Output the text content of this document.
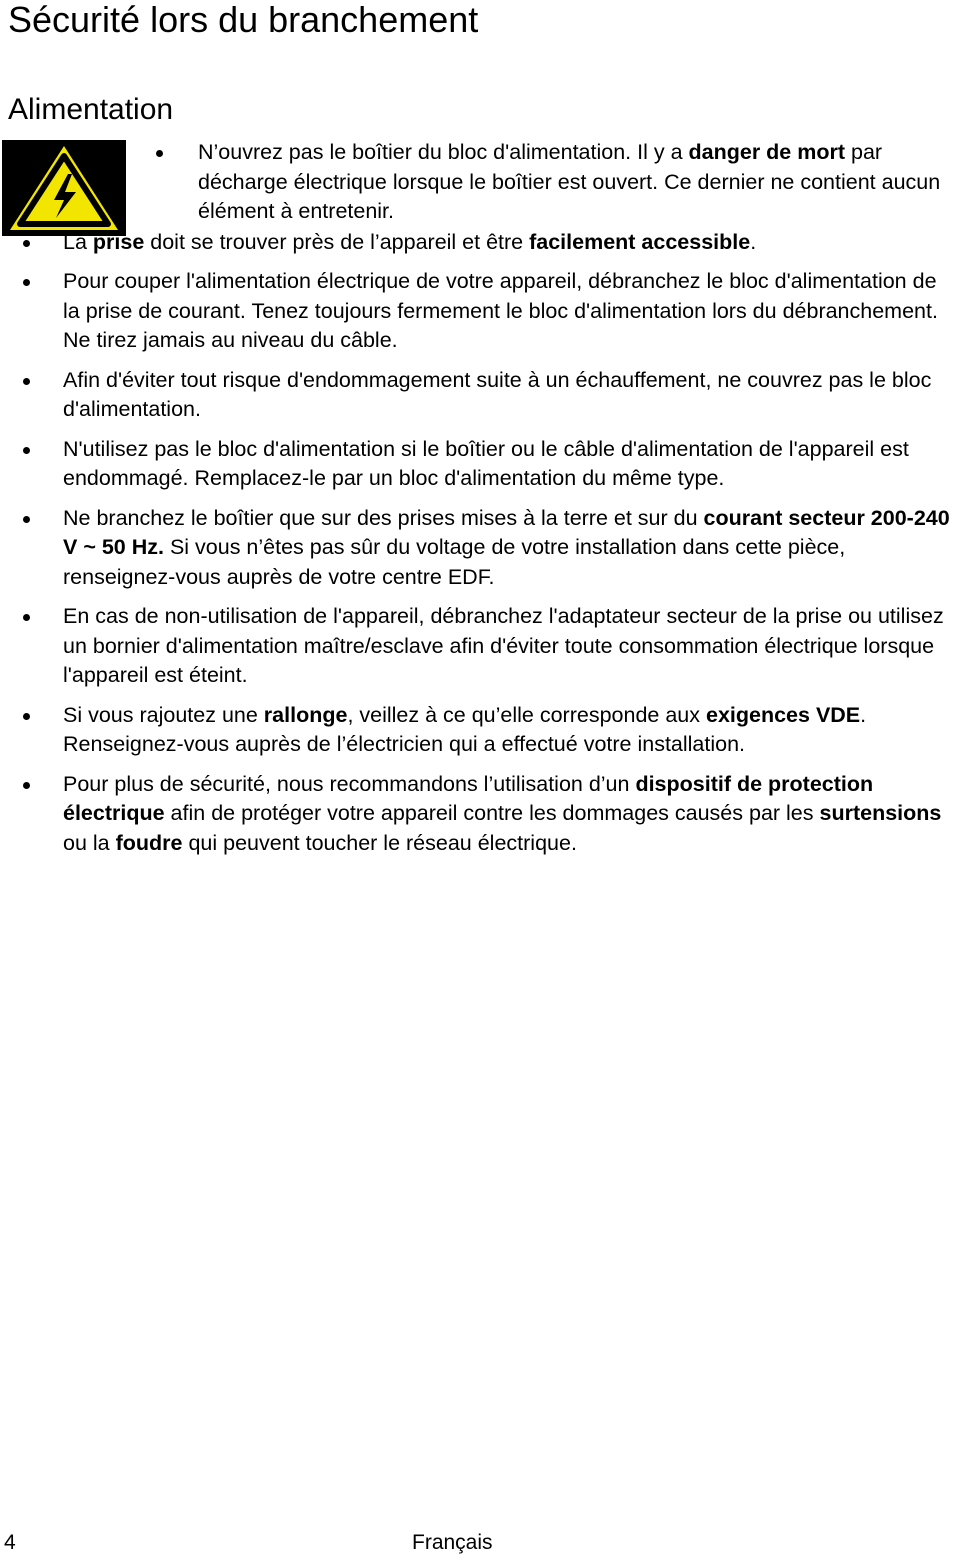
Sécurité lors du branchement
Alimentation
N’ouvrez pas le boîtier du bloc d'alimentation. Il y a danger de mort par décharge électrique lorsque le boîtier est ouvert. Ce dernier ne contient aucun élément à entretenir.
La prise doit se trouver près de l’appareil et être facilement accessible.
Pour couper l'alimentation électrique de votre appareil, débranchez le bloc d'alimentation de la prise de courant. Tenez toujours fermement le bloc d'alimentation lors du débranchement. Ne tirez jamais au niveau du câble.
Afin d'éviter tout risque d'endommagement suite à un échauffement, ne couvrez pas le bloc d'alimentation.
N'utilisez pas le bloc d'alimentation si le boîtier ou le câble d'alimentation de l'appareil est endommagé. Remplacez-le par un bloc d'alimentation du même type.
Ne branchez le boîtier que sur des prises mises à la terre et sur du courant secteur 200-240 V ~ 50 Hz. Si vous n’êtes pas sûr du voltage de votre installation dans cette pièce, renseignez-vous auprès de votre centre EDF.
En cas de non-utilisation de l'appareil, débranchez l'adaptateur secteur de la prise ou utilisez un bornier d'alimentation maître/esclave afin d'éviter toute consommation électrique lorsque l'appareil est éteint.
Si vous rajoutez une rallonge, veillez à ce qu’elle corresponde aux exigences VDE. Renseignez-vous auprès de l’électricien qui a effectué votre installation.
Pour plus de sécurité, nous recommandons l’utilisation d’un dispositif de protection électrique afin de protéger votre appareil contre les dommages causés par les surtensions ou la foudre qui peuvent toucher le réseau électrique.
4	Français
